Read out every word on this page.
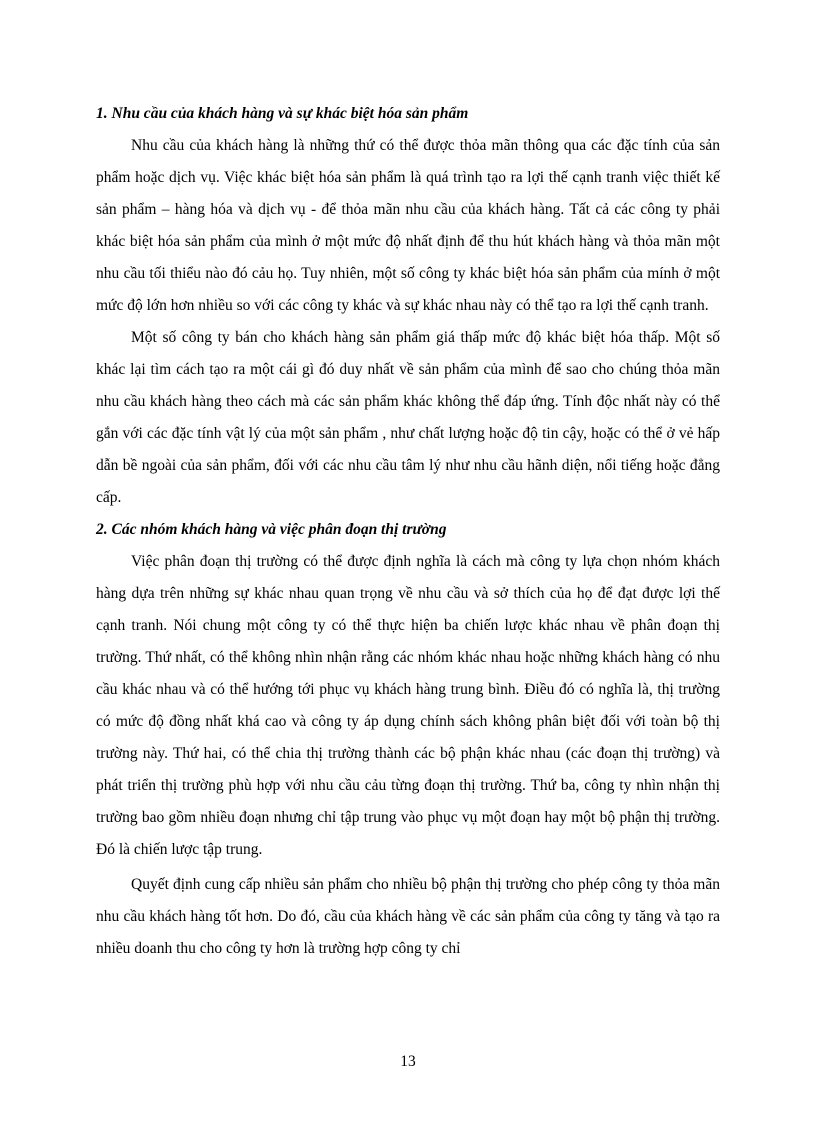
1. Nhu cầu của khách hàng và sự khác biệt hóa sản phẩm

Nhu cầu của khách hàng là những thứ có thể được thỏa mãn thông qua các đặc tính của sản phẩm hoặc dịch vụ. Việc khác biệt hóa sản phẩm là quá trình tạo ra lợi thế cạnh tranh việc thiết kế sản phẩm – hàng hóa và dịch vụ - để thỏa mãn nhu cầu của khách hàng. Tất cả các công ty phải khác biệt hóa sản phẩm của mình ở một mức độ nhất định để thu hút khách hàng và thỏa mãn một nhu cầu tối thiểu nào đó cảu họ. Tuy nhiên, một số công ty khác biệt hóa sản phẩm của mính ở một mức độ lớn hơn nhiều so với các công ty khác và sự khác nhau này có thể tạo ra lợi thế cạnh tranh.

Một số công ty bán cho khách hàng sản phẩm giá thấp mức độ khác biệt hóa thấp. Một số khác lại tìm cách tạo ra một cái gì đó duy nhất về sản phẩm của mình để sao cho chúng thỏa mãn nhu cầu khách hàng theo cách mà các sản phẩm khác không thể đáp ứng. Tính độc nhất này có thể gắn với các đặc tính vật lý của một sản phẩm , như chất lượng hoặc độ tin cậy, hoặc có thể ở vẻ hấp dẫn bề ngoài của sản phẩm, đối với các nhu cầu tâm lý như nhu cầu hãnh diện, nổi tiếng hoặc đẳng cấp.

2. Các nhóm khách hàng và việc phân đoạn thị trường

Việc phân đoạn thị trường có thể được định nghĩa là cách mà công ty lựa chọn nhóm khách hàng dựa trên những sự khác nhau quan trọng về nhu cầu và sở thích của họ để đạt được lợi thế cạnh tranh. Nói chung một công ty có thể thực hiện ba chiến lược khác nhau về phân đoạn thị trường. Thứ nhất, có thể không nhìn nhận rằng các nhóm khác nhau hoặc những khách hàng có nhu cầu khác nhau và có thể hướng tới phục vụ khách hàng trung bình. Điều đó có nghĩa là, thị trường có mức độ đồng nhất khá cao và công ty áp dụng chính sách không phân biệt đối với toàn bộ thị trường này. Thứ hai, có thể chia thị trường thành các bộ phận khác nhau (các đoạn thị trường) và phát triển thị trường phù hợp với nhu cầu cảu từng đoạn thị trường. Thứ ba, công ty nhìn nhận thị trường bao gồm nhiều đoạn nhưng chỉ tập trung vào phục vụ một đoạn hay một bộ phận thị trường. Đó là chiến lược tập trung.

Quyết định cung cấp nhiều sản phẩm cho nhiều bộ phận thị trường cho phép công ty thỏa mãn nhu cầu khách hàng tốt hơn. Do đó, cầu của khách hàng về các sản phẩm của công ty tăng và tạo ra nhiều doanh thu cho công ty hơn là trường hợp công ty chỉ

13
